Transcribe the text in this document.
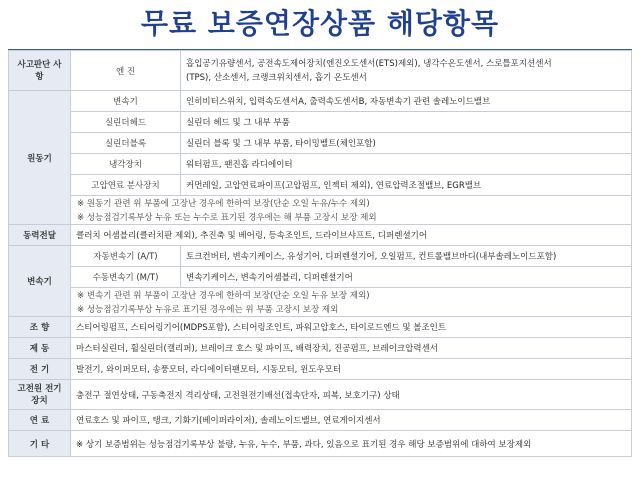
무료 보증연장상품 해당항목
사고판단 사항	엔 진	흡입공기유량센서, 공전속도제어장치(엔진오도센서(ETS)제외), 냉각수온도센서, 스로틀포지션센서
(TPS), 산소센서, 크랭크위치센서, 흡기 온도센서

원동기	변속기	인히비터스위치, 입력속도센서A, 출력속도센서B, 자동변속기 관련 솔레노이드밸브
	실린더헤드	실린더 헤드 및 그 내부 부품
	실린더블록	실린더 블록 및 그 내부 부품, 타이밍벨트(체인포함)
	냉각장치	워터펌프, 팬진흡 라디에이터
	고압연료 분사장치	커먼레일, 고압연료파이프(고압펌프, 인젝터 제외), 연료압력조절밸브, EGR밸브
	※ 원동기 관련 위 부품에 고장난 경우에 한하여 보장(단순 오일 누유/누수 제외)	
	※ 성능점검기록부상 누유 또는 누수로 표기된 경우에는 해 부품 고장시 보장 제외	
동력전달	클러치 어셈블리(클러치판 제외), 추진축 및 베어링, 등속조인트, 드라이브샤프트, 디퍼렌셜기어	
변속기	자동변속기 (A/T)	토크컨버터, 변속기케이스, 유성기어, 디퍼렌셜기어, 오일펌프, 컨트롤밸브바디(내부솔레노이드포함)
	수동변속기 (M/T)	변속기케이스, 변속기어셈블리, 디퍼렌셜기어
	※ 변속기 관련 위 부품이 고장난 경우에 한하여 보장(단순 오일 누유 보장 제외)	
	※ 성능점검기록부상 누유로 표기된 경우에는 위 부품 고장시 보장 제외	
조 향	스티어링펌프, 스티어링기어(MDPS포함), 스티어링조인트, 파워고압호스, 타이로드엔드 및 볼조인트	
제 동	마스터실린더, 휠실린더(캘리퍼), 브레이크 호스 및 파이프, 배력장치, 진공펌프, 브레이크압력센서	
전 기	발전기, 와이퍼모터, 송풍모터, 라디에이터팬모터, 시동모터, 윈도우모터	
고전원 전기장치	충전구 절연상태, 구동축전지 격리상태, 고전원전기배선(접속단자, 피복, 보호기구) 상태	
연 료	연료호스 및 파이프, 탱크, 기화기(베이퍼라이저), 솔레노이드밸브, 연료게이지센서	
기 타	※ 상기 보증범위는 성능점검기록부상 불량, 누유, 누수, 부품, 과다, 있음으로 표기된 경우 해당 보증범위에 대하여 보장제외	
